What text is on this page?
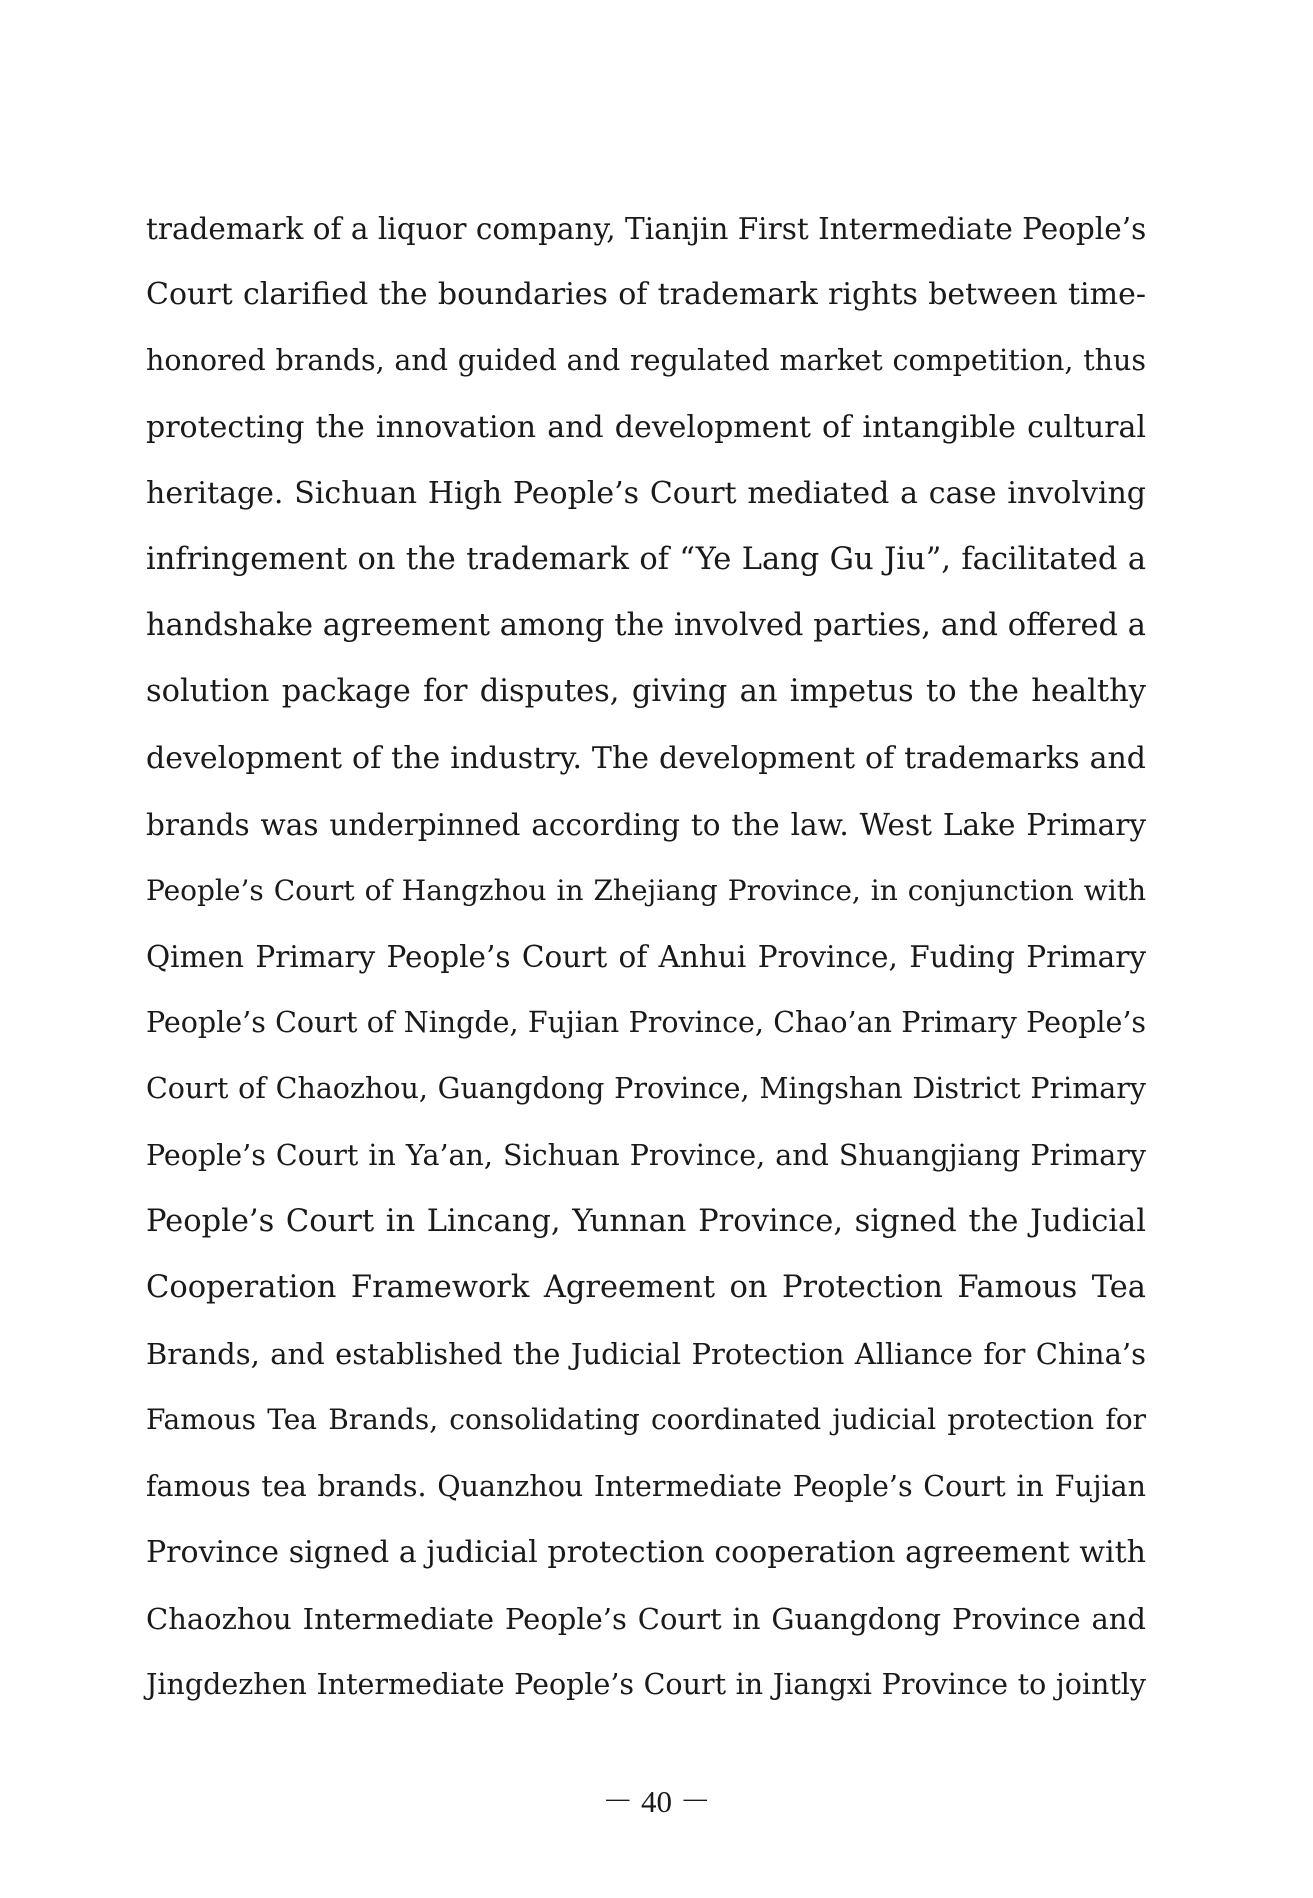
trademark of a liquor company, Tianjin First Intermediate People’s
Court clarified the boundaries of trademark rights between time-
honored brands, and guided and regulated market competition, thus
protecting the innovation and development of intangible cultural
heritage. Sichuan High People’s Court mediated a case involving
infringement on the trademark of “Ye Lang Gu Jiu”, facilitated a
handshake agreement among the involved parties, and offered a
solution package for disputes, giving an impetus to the healthy
development of the industry. The development of trademarks and
brands was underpinned according to the law. West Lake Primary
People’s Court of Hangzhou in Zhejiang Province, in conjunction with
Qimen Primary People’s Court of Anhui Province, Fuding Primary
People’s Court of Ningde, Fujian Province, Chao’an Primary People’s
Court of Chaozhou, Guangdong Province, Mingshan District Primary
People’s Court in Ya’an, Sichuan Province, and Shuangjiang Primary
People’s Court in Lincang, Yunnan Province, signed the Judicial
Cooperation Framework Agreement on Protection Famous Tea
Brands, and established the Judicial Protection Alliance for China’s
Famous Tea Brands, consolidating coordinated judicial protection for
famous tea brands. Quanzhou Intermediate People’s Court in Fujian
Province signed a judicial protection cooperation agreement with
Chaozhou Intermediate People’s Court in Guangdong Province and
Jingdezhen Intermediate People’s Court in Jiangxi Province to jointly
－ 40 －
